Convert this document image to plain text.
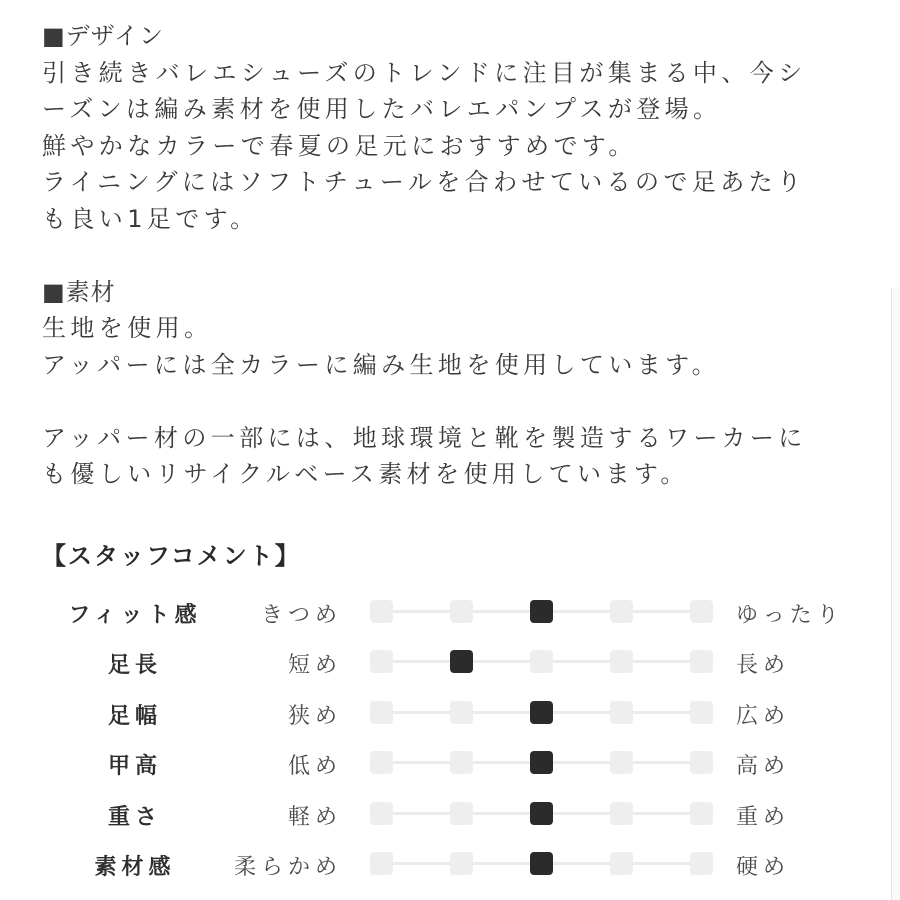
■デザイン
引き続きバレエシューズのトレンドに注目が集まる中、今シ
ーズンは編み素材を使用したバレエパンプスが登場。
鮮やかなカラーで春夏の足元におすすめです。
ライニングにはソフトチュールを合わせているので足あたり
も良い1足です。
■素材
生地を使用。
アッパーには全カラーに編み生地を使用しています。
アッパー材の一部には、地球環境と靴を製造するワーカーに
も優しいリサイクルベース素材を使用しています。
【スタッフコメント】
フィット感	きつめ	ゆったり
足長	短め	長め
足幅	狭め	広め
甲高	低め	高め
重さ	軽め	重め
素材感	柔らかめ	硬め
